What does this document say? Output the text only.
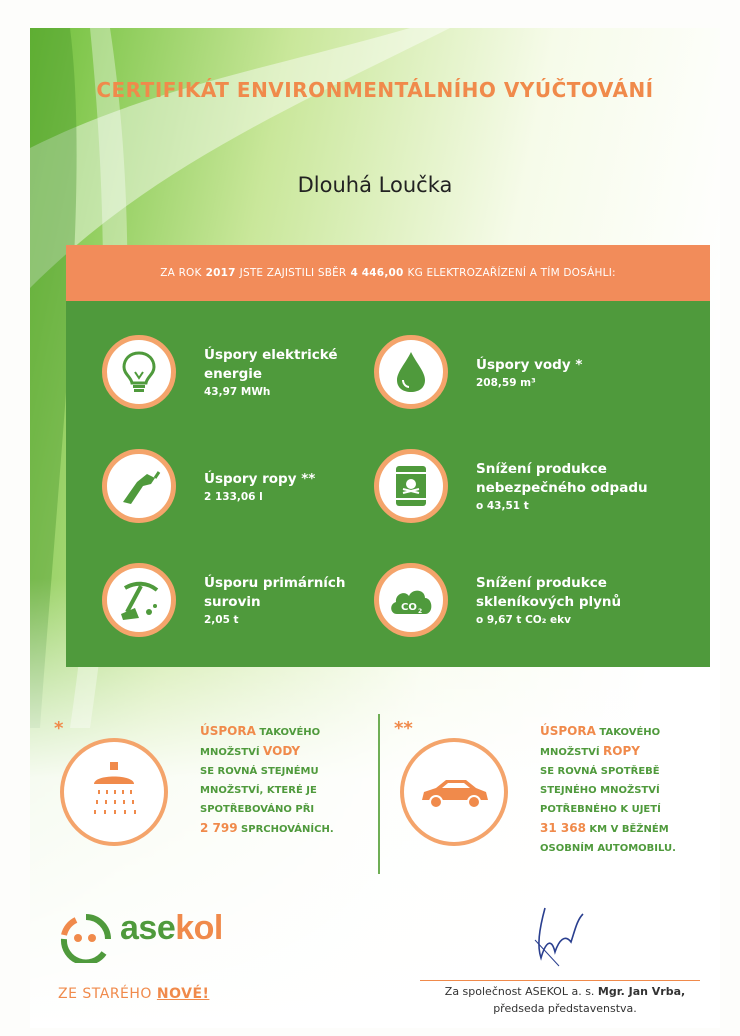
CERTIFIKÁT ENVIRONMENTÁLNÍHO VYÚČTOVÁNÍ
Dlouhá Loučka
ZA ROK 2017 JSTE ZAJISTILI SBĚR 4 446,00 KG ELEKTROZAŘÍZENÍ A TÍM DOSÁHLI:
Úspory elektrické
energie
43,97 MWh
Úspory vody *
208,59 m³
Úspory ropy **
2 133,06 l
Snížení produkce
nebezpečného odpadu
o 43,51 t
Úsporu primárních
surovin
2,05 t
CO 2
Snížení produkce
skleníkových plynů
o 9,67 t CO₂ ekv
*	ÚSPORA TAKOVÉHO
MNOŽSTVÍ VODY
SE ROVNÁ STEJNÉMU
MNOŽSTVÍ, KTERÉ JE
SPOTŘEBOVÁNO PŘI
2 799 SPRCHOVÁNÍCH.
**	ÚSPORA TAKOVÉHO
MNOŽSTVÍ ROPY
SE ROVNÁ SPOTŘEBĚ
STEJNÉHO MNOŽSTVÍ
POTŘEBNÉHO K UJETÍ
31 368 KM V BĚŽNÉM
OSOBNÍM AUTOMOBILU.
asekol
ZE STARÉHO NOVÉ!	Za společnost ASEKOL a. s. Mgr. Jan Vrba,
předseda představenstva.
